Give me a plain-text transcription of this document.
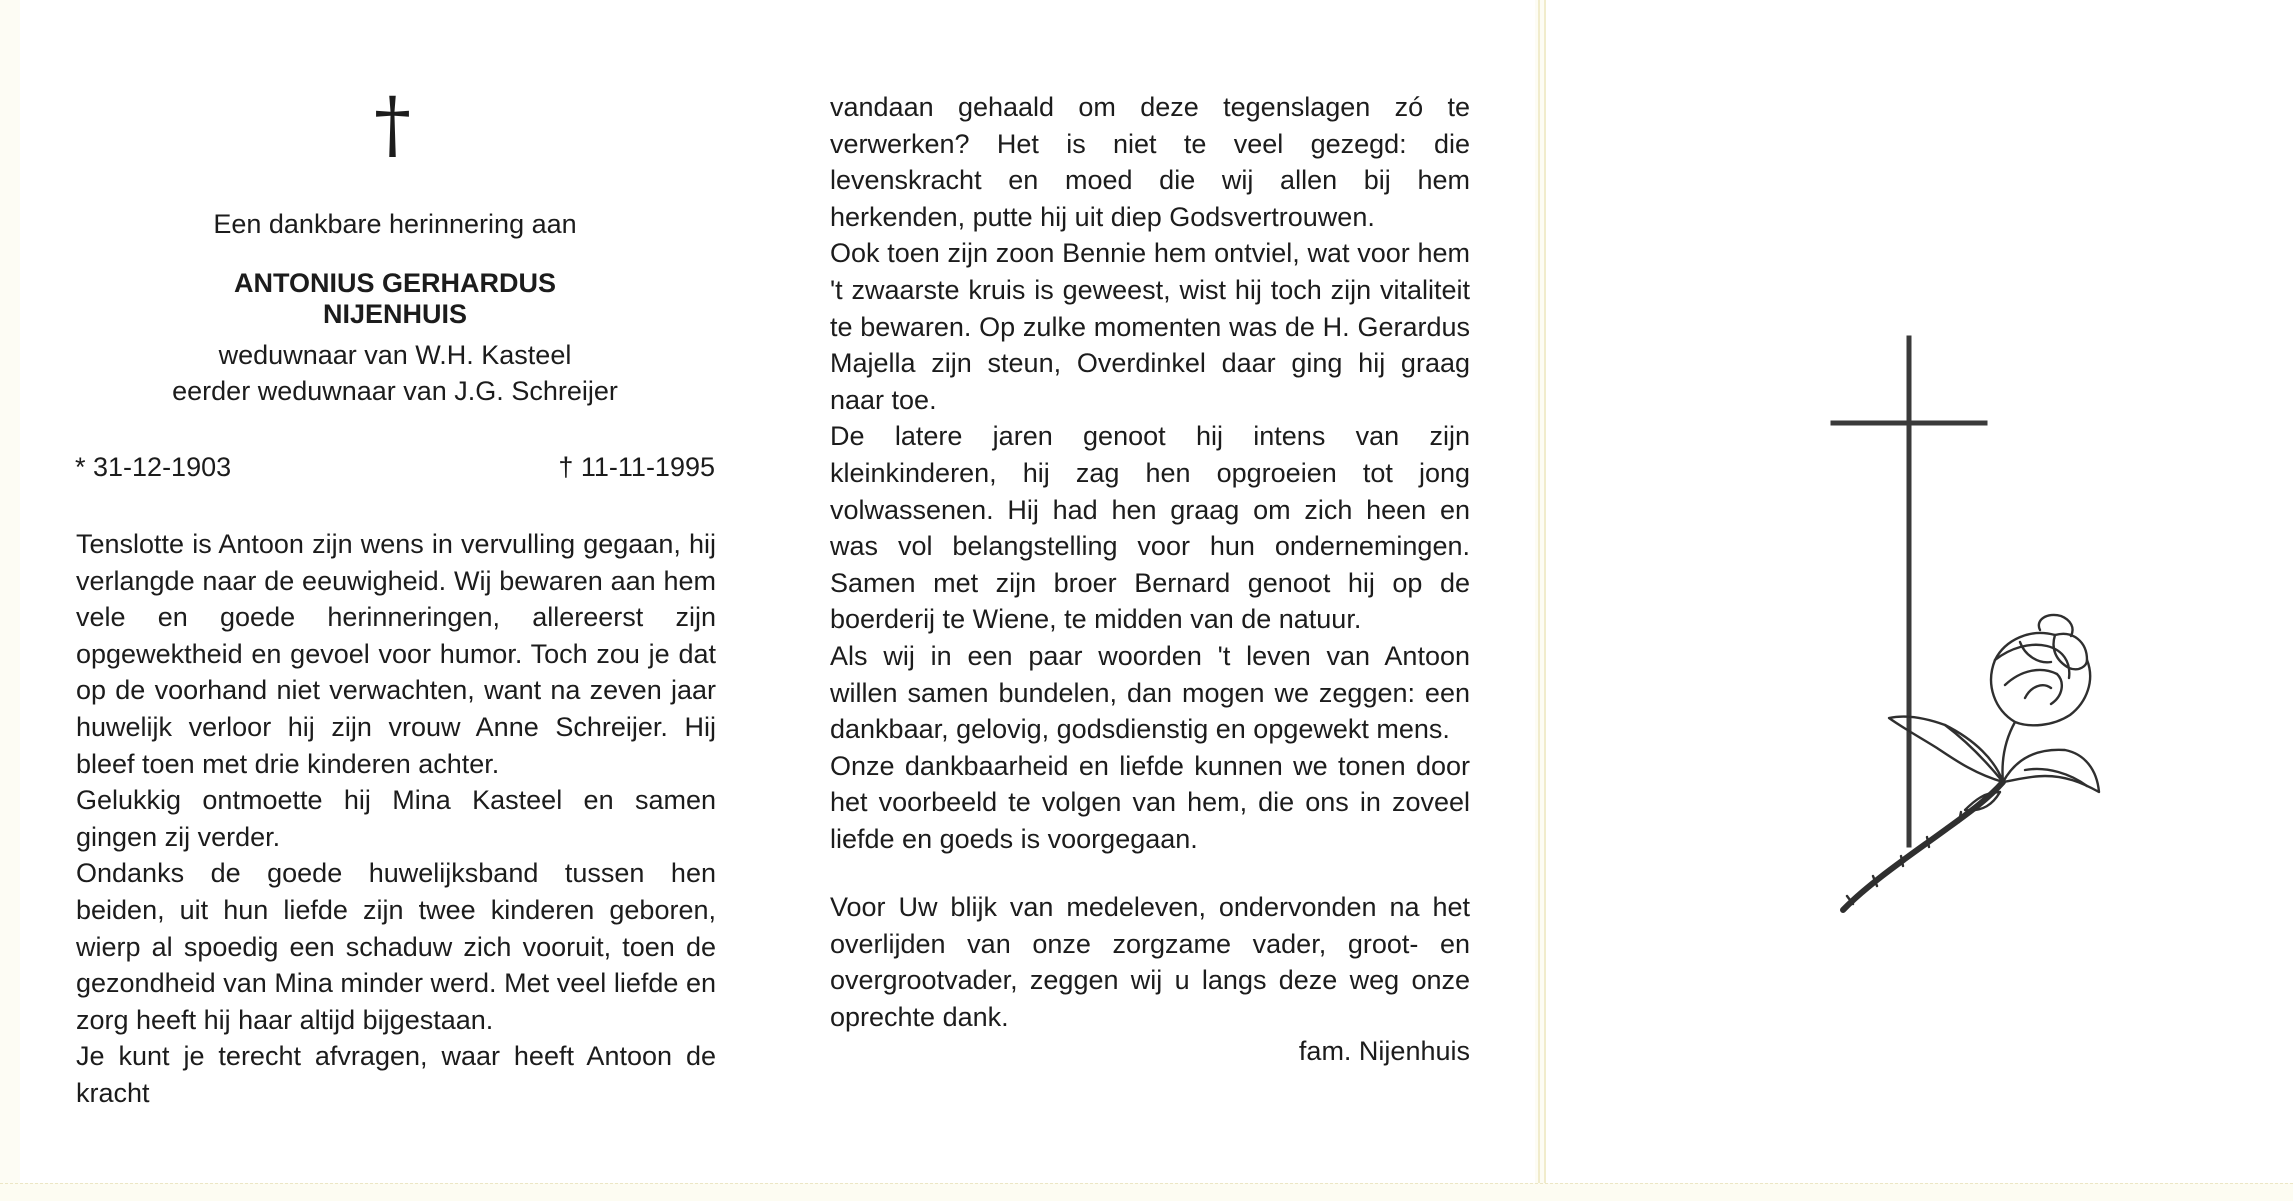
†
Een dankbare herinnering aan
ANTONIUS GERHARDUS NIJENHUIS
weduwnaar van W.H. Kasteel
eerder weduwnaar van J.G. Schreijer
* 31-12-1903	† 11-11-1995

Tenslotte is Antoon zijn wens in vervulling gegaan, hij verlangde naar de eeuwigheid. Wij bewaren aan hem vele en goede herinneringen, allereerst zijn opgewektheid en gevoel voor humor. Toch zou je dat op de voorhand niet verwachten, want na zeven jaar huwelijk verloor hij zijn vrouw Anne Schreijer. Hij bleef toen met drie kinderen achter.

Gelukkig ontmoette hij Mina Kasteel en samen gingen zij verder.

Ondanks de goede huwelijksband tussen hen beiden, uit hun liefde zijn twee kinderen geboren, wierp al spoedig een schaduw zich vooruit, toen de gezondheid van Mina minder werd. Met veel liefde en zorg heeft hij haar altijd bijgestaan.

Je kunt je terecht afvragen, waar heeft Antoon de kracht

vandaan gehaald om deze tegenslagen zó te verwerken? Het is niet te veel gezegd: die levenskracht en moed die wij allen bij hem herkenden, putte hij uit diep Godsvertrouwen.

Ook toen zijn zoon Bennie hem ontviel, wat voor hem 't zwaarste kruis is geweest, wist hij toch zijn vitaliteit te bewaren. Op zulke momenten was de H. Gerardus Majella zijn steun, Overdinkel daar ging hij graag naar toe.

De latere jaren genoot hij intens van zijn kleinkinderen, hij zag hen opgroeien tot jong volwassenen. Hij had hen graag om zich heen en was vol belangstelling voor hun ondernemingen. Samen met zijn broer Bernard genoot hij op de boerderij te Wiene, te midden van de natuur.

Als wij in een paar woorden 't leven van Antoon willen samen bundelen, dan mogen we zeggen: een dankbaar, gelovig, godsdienstig en opgewekt mens.

Onze dankbaarheid en liefde kunnen we tonen door het voorbeeld te volgen van hem, die ons in zoveel liefde en goeds is voorgegaan.

Voor Uw blijk van medeleven, ondervonden na het overlijden van onze zorgzame vader, groot- en overgrootvader, zeggen wij u langs deze weg onze oprechte dank.
fam. Nijenhuis
